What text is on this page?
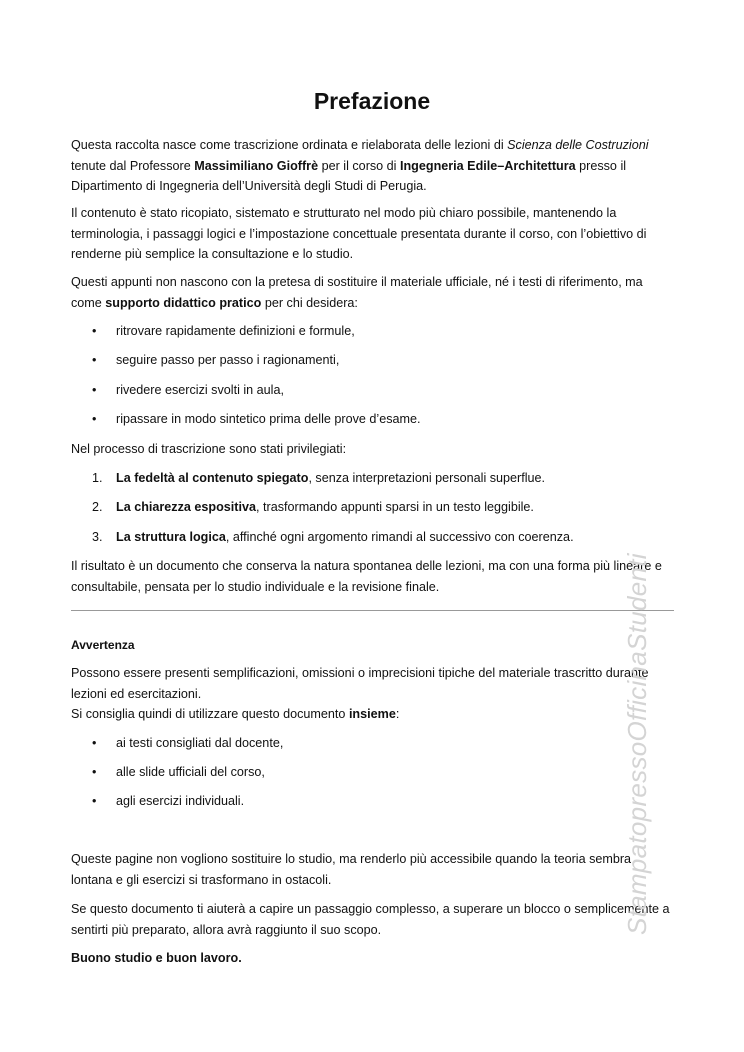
Prefazione
Questa raccolta nasce come trascrizione ordinata e rielaborata delle lezioni di Scienza delle Costruzioni tenute dal Professore Massimiliano Gioffrè per il corso di Ingegneria Edile–Architettura presso il Dipartimento di Ingegneria dell’Università degli Studi di Perugia.
Il contenuto è stato ricopiato, sistemato e strutturato nel modo più chiaro possibile, mantenendo la terminologia, i passaggi logici e l’impostazione concettuale presentata durante il corso, con l’obiettivo di renderne più semplice la consultazione e lo studio.
Questi appunti non nascono con la pretesa di sostituire il materiale ufficiale, né i testi di riferimento, ma come supporto didattico pratico per chi desidera:
• ritrovare rapidamente definizioni e formule,
• seguire passo per passo i ragionamenti,
• rivedere esercizi svolti in aula,
• ripassare in modo sintetico prima delle prove d’esame.
Nel processo di trascrizione sono stati privilegiati:
1. La fedeltà al contenuto spiegato, senza interpretazioni personali superflue.
2. La chiarezza espositiva, trasformando appunti sparsi in un testo leggibile.
3. La struttura logica, affinché ogni argomento rimandi al successivo con coerenza.
Il risultato è un documento che conserva la natura spontanea delle lezioni, ma con una forma più lineare e consultabile, pensata per lo studio individuale e la revisione finale.
Avvertenza
Possono essere presenti semplificazioni, omissioni o imprecisioni tipiche del materiale trascritto durante lezioni ed esercitazioni.
Si consiglia quindi di utilizzare questo documento insieme:
• ai testi consigliati dal docente,
• alle slide ufficiali del corso,
• agli esercizi individuali.
Queste pagine non vogliono sostituire lo studio, ma renderlo più accessibile quando la teoria sembra lontana e gli esercizi si trasformano in ostacoli.
Se questo documento ti aiuterà a capire un passaggio complesso, a superare un blocco o semplicemente a sentirti più preparato, allora avrà raggiunto il suo scopo.
Buono studio e buon lavoro.
StampatopressoOfficinaStudenti
